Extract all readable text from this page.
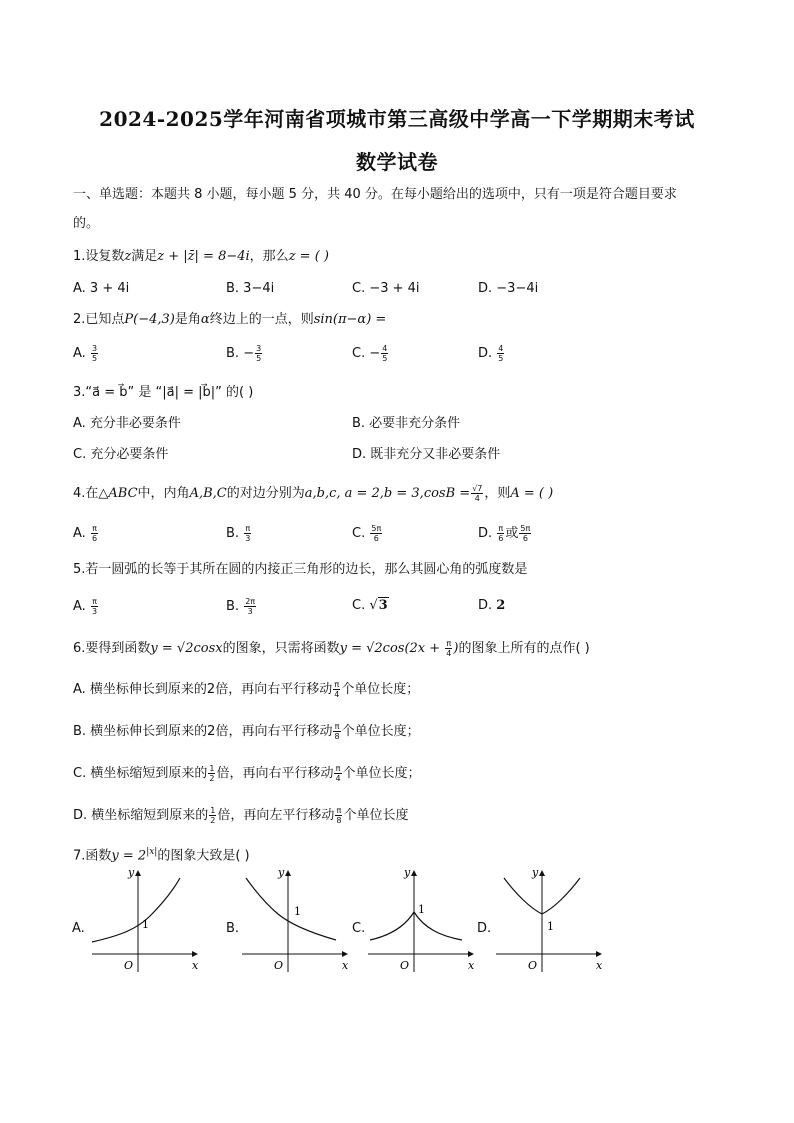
2024-2025学年河南省项城市第三高级中学高一下学期期末考试
数学试卷
一、单选题：本题共 8 小题，每小题 5 分，共 40 分。在每小题给出的选项中，只有一项是符合题目要求
的。
1.设复数z满足z + |z̄| = 8−4i，那么z = ( )
A. 3 + 4i	B. 3−4i	C. −3 + 4i	D. −3−4i
2.已知点P(−4,3)是角α终边上的一点，则sin(π−α) =
A. $\frac{3}{5}$	B. − $\frac{3}{5}$	C. − $\frac{4}{5}$	D. $\frac{4}{5}$
3.“a⃗ = b⃗” 是 “|a⃗| = |b⃗|” 的( )
A. 充分非必要条件	B. 必要非充分条件
C. 充分必要条件	D. 既非充分又非必要条件
4.在△ABC中，内角A,B,C的对边分别为a,b,c, $a = 2,b = 3,\cos B = \frac{√7}{4}$ ，则A = ( )
A. $\frac{\pi}{6}$	B. $\frac{\pi}{3}$	C. $\frac{5\pi}{6}$	D. $\frac{\pi}{6}$ 或 $\frac{5\pi}{6}$
5.若一圆弧的长等于其所在圆的内接正三角形的边长，那么其圆心角的弧度数是
A. $\frac{\pi}{3}$	B. $\frac{2\pi}{3}$	C. √3	D. 2
6.要得到函数y = √2cosx的图象，只需将函数$y = √2\cos(2x + \frac{\pi}{4}$ )的图象上所有的点作( )
A. 横坐标伸长到原来的2倍，再向右平行移动 $\frac{\pi}{4}$ 个单位长度；
B. 横坐标伸长到原来的2倍，再向右平行移动 $\frac{\pi}{8}$ 个单位长度；
C. 横坐标缩短到原来的 $\frac{1}{2}$ 倍，再向右平行移动 $\frac{\pi}{4}$ 个单位长度；
D. 横坐标缩短到原来的 $\frac{1}{2}$ 倍，再向左平行移动 $\frac{\pi}{8}$ 个单位长度
7.函数$y = 2^{|x|}$的图象大致是( )
A.	B.	C.	D.
y
x
O
1
y
x
O
1
y
x
O
1
y
x
O
1
